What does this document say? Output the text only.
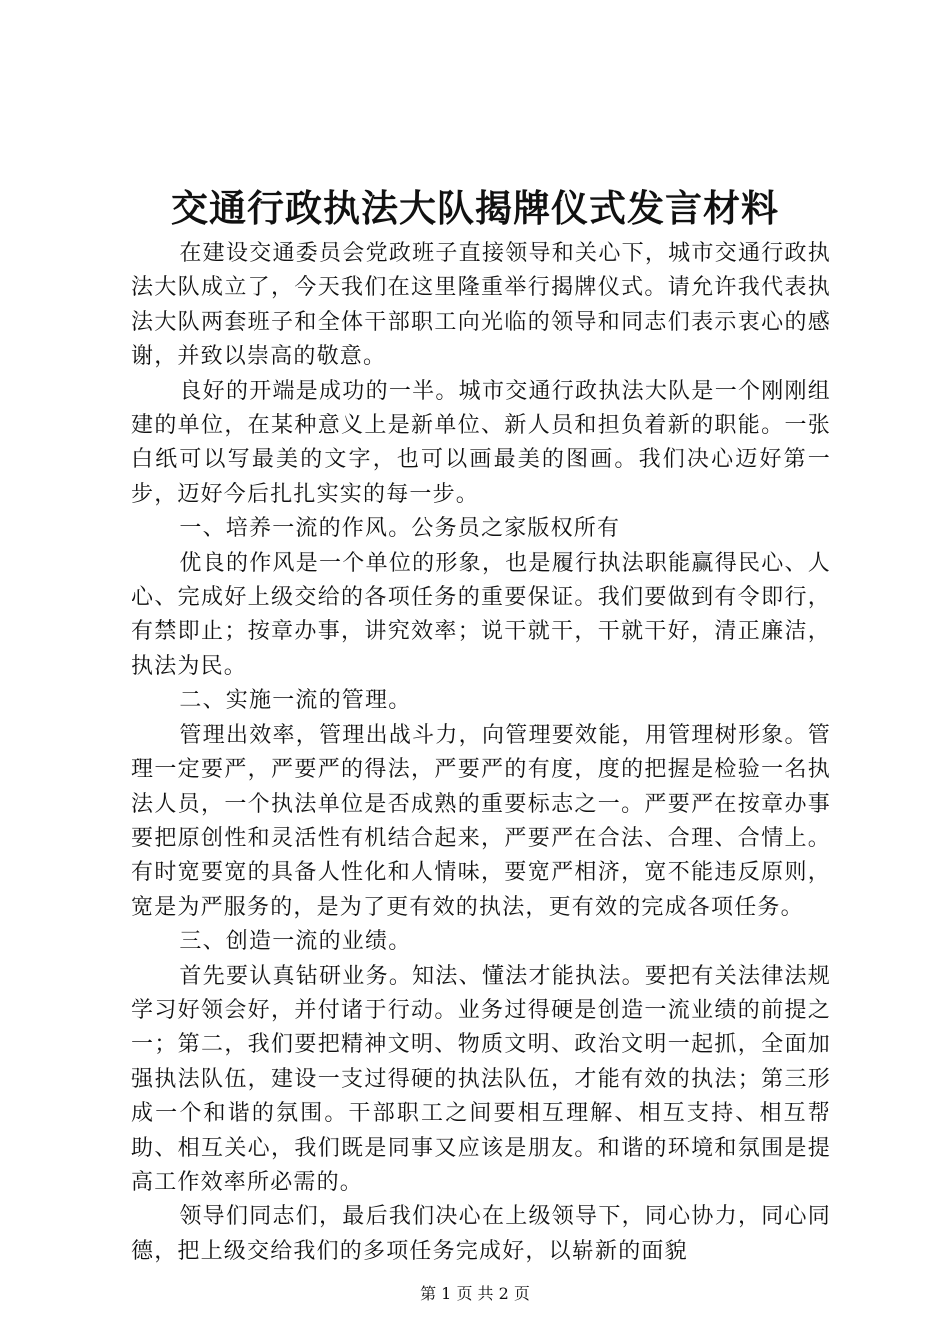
交通行政执法大队揭牌仪式发言材料

在建设交通委员会党政班子直接领导和关心下，城市交通行政执法大队成立了，今天我们在这里隆重举行揭牌仪式。请允许我代表执法大队两套班子和全体干部职工向光临的领导和同志们表示衷心的感谢，并致以崇高的敬意。

良好的开端是成功的一半。城市交通行政执法大队是一个刚刚组建的单位，在某种意义上是新单位、新人员和担负着新的职能。一张白纸可以写最美的文字，也可以画最美的图画。我们决心迈好第一步，迈好今后扎扎实实的每一步。

一、培养一流的作风。公务员之家版权所有

优良的作风是一个单位的形象，也是履行执法职能赢得民心、人心、完成好上级交给的各项任务的重要保证。我们要做到有令即行，有禁即止；按章办事，讲究效率；说干就干，干就干好，清正廉洁，执法为民。

二、实施一流的管理。

管理出效率，管理出战斗力，向管理要效能，用管理树形象。管理一定要严，严要严的得法，严要严的有度，度的把握是检验一名执法人员，一个执法单位是否成熟的重要标志之一。严要严在按章办事要把原创性和灵活性有机结合起来，严要严在合法、合理、合情上。有时宽要宽的具备人性化和人情味，要宽严相济，宽不能违反原则，宽是为严服务的，是为了更有效的执法，更有效的完成各项任务。

三、创造一流的业绩。

首先要认真钻研业务。知法、懂法才能执法。要把有关法律法规学习好领会好，并付诸于行动。业务过得硬是创造一流业绩的前提之一；第二，我们要把精神文明、物质文明、政治文明一起抓，全面加强执法队伍，建设一支过得硬的执法队伍，才能有效的执法；第三形成一个和谐的氛围。干部职工之间要相互理解、相互支持、相互帮助、相互关心，我们既是同事又应该是朋友。和谐的环境和氛围是提高工作效率所必需的。

领导们同志们，最后我们决心在上级领导下，同心协力，同心同德，把上级交给我们的多项任务完成好，以崭新的面貌

第 1 页 共 2 页
